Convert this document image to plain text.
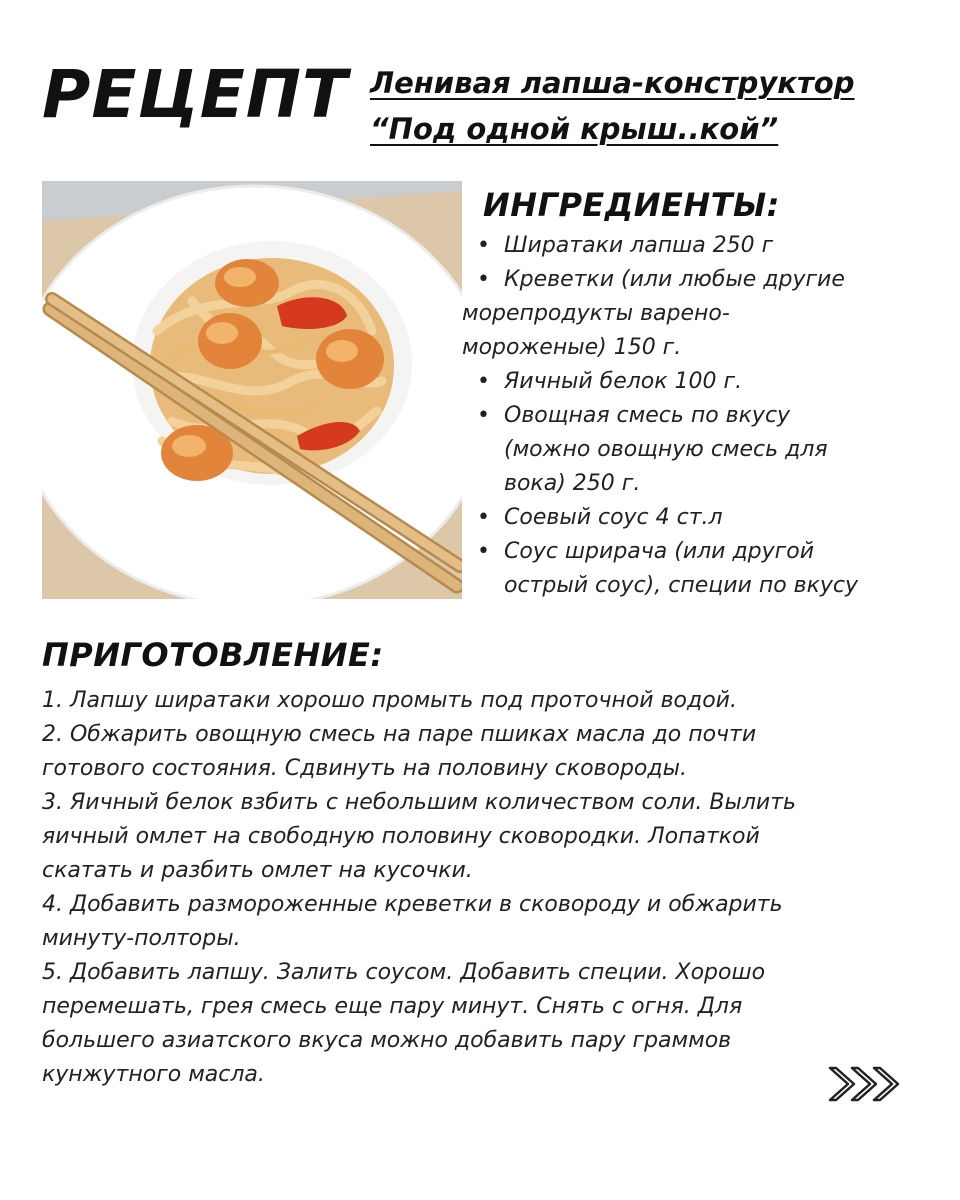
РЕЦЕПТ Ленивая лапша-конструктор
“Под одной крыш..кой”
ИНГРЕДИЕНТЫ:
•Ширатаки лапша 250 г
•Креветки (или любые другие
морепродукты варено-
мороженые) 150 г.
•Яичный белок 100 г.
•Овощная смесь по вкусу
(можно овощную смесь для
вока) 250 г.
•Соевый соус 4 ст.л
•Соус шрирача (или другой
острый соус), специи по вкусу
ПРИГОТОВЛЕНИЕ:
1. Лапшу ширатаки хорошо промыть под проточной водой.
2. Обжарить овощную смесь на паре пшиках масла до почти
готового состояния. Сдвинуть на половину сковороды.
3. Яичный белок взбить с небольшим количеством соли. Вылить
яичный омлет на свободную половину сковородки. Лопаткой
скатать и разбить омлет на кусочки.
4. Добавить размороженные креветки в сковороду и обжарить
минуту-полторы.
5. Добавить лапшу. Залить соусом. Добавить специи. Хорошо
перемешать, грея смесь еще пару минут. Снять с огня. Для
большего азиатского вкуса можно добавить пару граммов
кунжутного масла.
